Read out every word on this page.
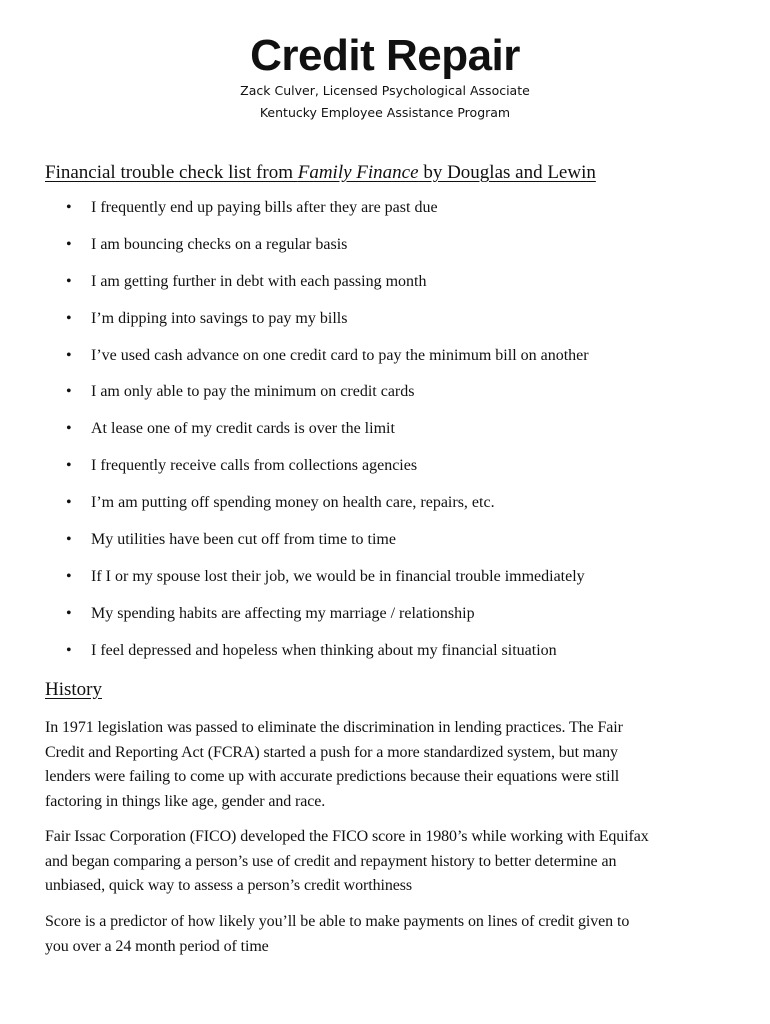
Credit Repair
Zack Culver, Licensed Psychological Associate
Kentucky Employee Assistance Program
Financial trouble check list from Family Finance by Douglas and Lewin
• I frequently end up paying bills after they are past due
• I am bouncing checks on a regular basis
• I am getting further in debt with each passing month
• I’m dipping into savings to pay my bills
• I’ve used cash advance on one credit card to pay the minimum bill on another
• I am only able to pay the minimum on credit cards
• At lease one of my credit cards is over the limit
• I frequently receive calls from collections agencies
• I’m am putting off spending money on health care, repairs, etc.
• My utilities have been cut off from time to time
• If I or my spouse lost their job, we would be in financial trouble immediately
• My spending habits are affecting my marriage / relationship
• I feel depressed and hopeless when thinking about my financial situation
History

In 1971 legislation was passed to eliminate the discrimination in lending practices. The Fair
Credit and Reporting Act (FCRA) started a push for a more standardized system, but many
lenders were failing to come up with accurate predictions because their equations were still
factoring in things like age, gender and race.

Fair Issac Corporation (FICO) developed the FICO score in 1980’s while working with Equifax
and began comparing a person’s use of credit and repayment history to better determine an
unbiased, quick way to assess a person’s credit worthiness

Score is a predictor of how likely you’ll be able to make payments on lines of credit given to
you over a 24 month period of time
